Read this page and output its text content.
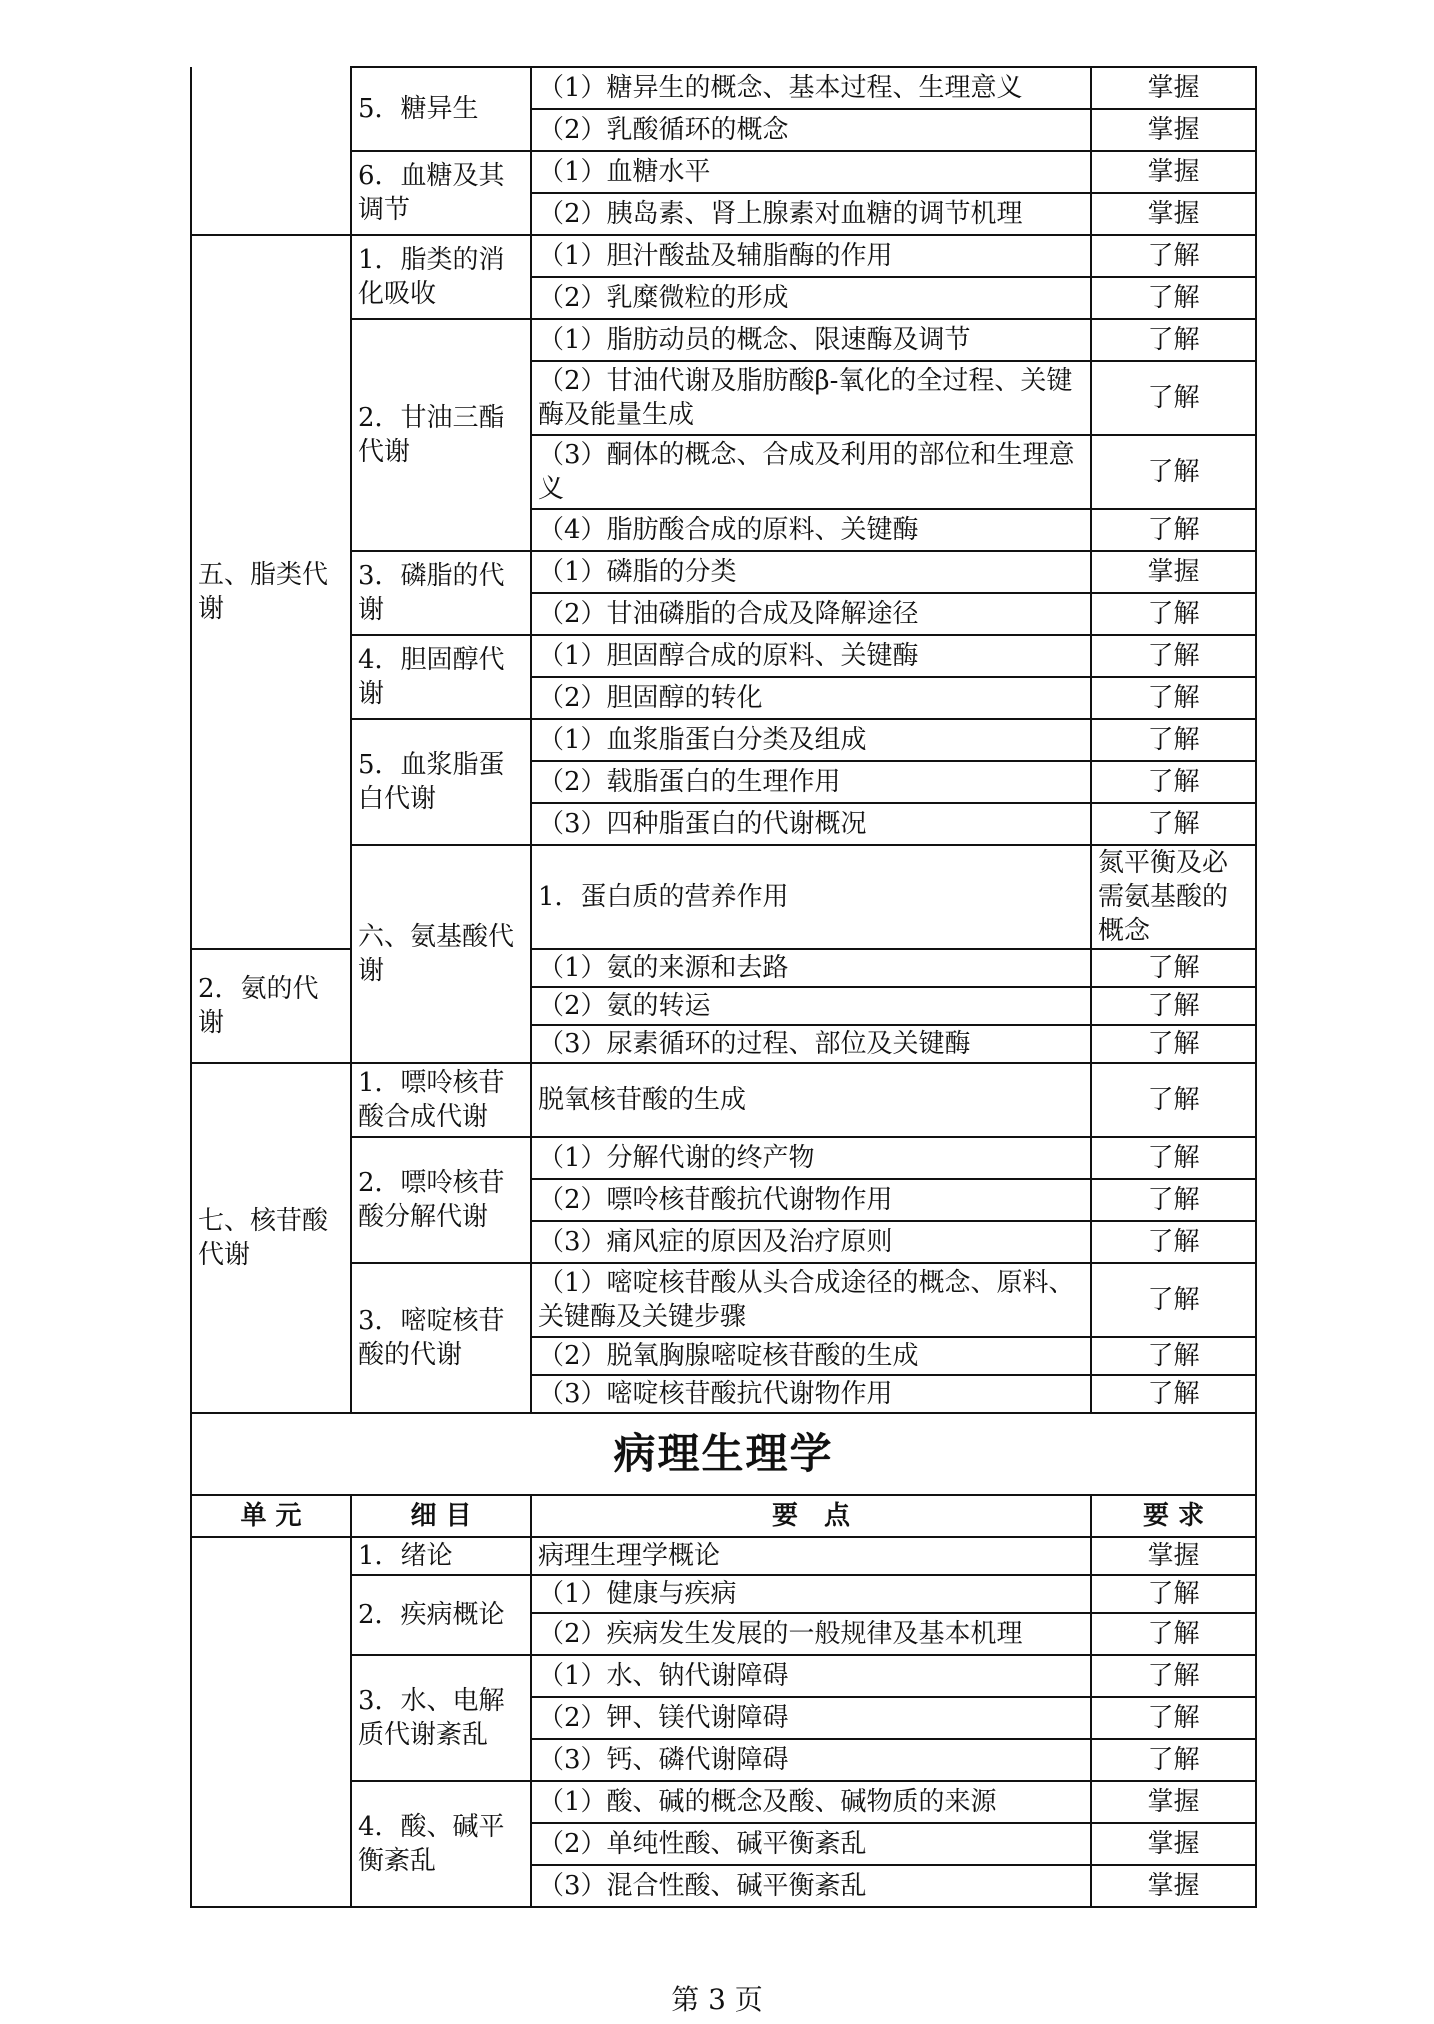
	5．糖异生	（1）糖异生的概念、基本过程、生理意义	掌握	
		（2）乳酸循环的概念	掌握	
	6．血糖及其调节	（1）血糖水平	掌握	
		（2）胰岛素、肾上腺素对血糖的调节机理	掌握	
五、脂类代谢	1．脂类的消化吸收	（1）胆汁酸盐及辅脂酶的作用	了解	
		（2）乳糜微粒的形成	了解	
	2．甘油三酯代谢	（1）脂肪动员的概念、限速酶及调节	了解	
		（2）甘油代谢及脂肪酸β-氧化的全过程、关键酶及能量生成	了解	
		（3）酮体的概念、合成及利用的部位和生理意义	了解	
		（4）脂肪酸合成的原料、关键酶	了解	
	3．磷脂的代谢	（1）磷脂的分类	掌握	
		（2）甘油磷脂的合成及降解途径	了解	
	4．胆固醇代谢	（1）胆固醇合成的原料、关键酶	了解	
		（2）胆固醇的转化	了解	
	5．血浆脂蛋白代谢	（1）血浆脂蛋白分类及组成	了解	
		（2）载脂蛋白的生理作用	了解	
		（3）四种脂蛋白的代谢概况	了解	
	六、氨基酸代谢	1．蛋白质的营养作用	氮平衡及必需氨基酸的概念	
2．氨的代谢		（1）氨的来源和去路	了解	
		（2）氨的转运	了解	
		（3）尿素循环的过程、部位及关键酶	了解	
七、核苷酸代谢	1．嘌呤核苷酸合成代谢	脱氧核苷酸的生成	了解	
	2．嘌呤核苷酸分解代谢	（1）分解代谢的终产物	了解	
		（2）嘌呤核苷酸抗代谢物作用	了解	
		（3）痛风症的原因及治疗原则	了解	
	3．嘧啶核苷酸的代谢	（1）嘧啶核苷酸从头合成途径的概念、原料、关键酶及关键步骤	了解	
		（2）脱氧胸腺嘧啶核苷酸的生成	了解	
		（3）嘧啶核苷酸抗代谢物作用	了解	
病理生理学				
单 元	细 目	要　点	要 求	
	1．绪论	病理生理学概论	掌握	
	2．疾病概论	（1）健康与疾病	了解	
		（2）疾病发生发展的一般规律及基本机理	了解	
	3．水、电解质代谢紊乱	（1）水、钠代谢障碍	了解	
		（2）钾、镁代谢障碍	了解	
		（3）钙、磷代谢障碍	了解	
	4．酸、碱平衡紊乱	（1）酸、碱的概念及酸、碱物质的来源	掌握	
		（2）单纯性酸、碱平衡紊乱	掌握	
		（3）混合性酸、碱平衡紊乱	掌握	
第 3 页
